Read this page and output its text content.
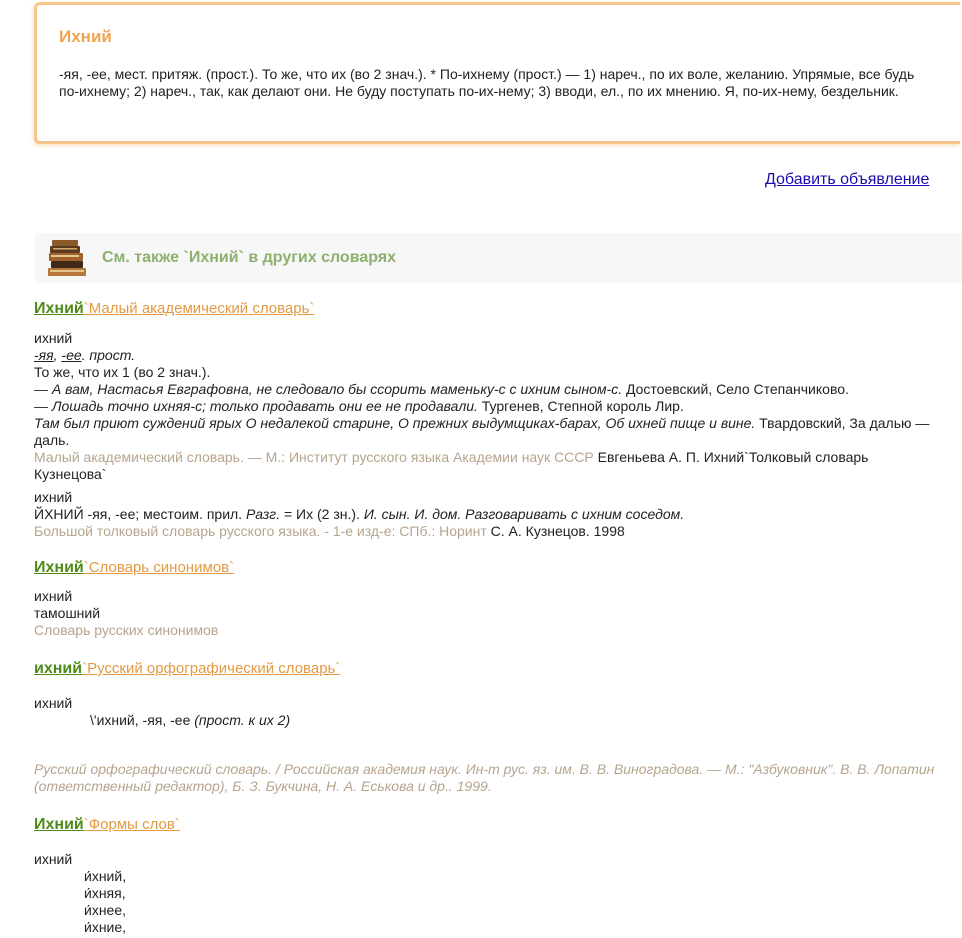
Ихний
-яя, -ее, мест. притяж. (прост.). То же, что их (во 2 знач.). * По-ихнему (прост.) — 1) нареч., по их воле, желанию. Упрямые, все будь по-ихнему; 2) нареч., так, как делают они. Не буду поступать по-их-нему; 3) вводи, ел., по их мнению. Я, по-их-нему, бездельник.
Добавить объявление
См. также `Ихний` в других словарях
Ихний`Малый академический словарь`
ихний
-яя, -ее. прост.
То же, что их 1 (во 2 знач.).
— А вам, Настасья Евграфовна, не следовало бы ссорить маменьку-с с ихним сыном-с. Достоевский, Село Степанчиково.
— Лошадь точно ихняя-с; только продавать они ее не продавали. Тургенев, Степной король Лир.
Там был приют суждений ярых О недалекой старине, О прежних выдумщиках-барах, Об ихней пище и вине. Твардовский, За далью — даль.
Малый академический словарь. — М.: Институт русского языка Академии наук СССР Евгеньева А. П. Ихний`Толковый словарь Кузнецова`
ихний
ЙХНИЙ -яя, -ее; местоим. прил. Разг. = Их (2 зн.). И. сын. И. дом. Разговаривать с ихним соседом.
Большой толковый словарь русского языка. - 1-е изд-е: СПб.: Норинт С. А. Кузнецов. 1998
Ихний`Словарь синонимов`
ихний
тамошний
Словарь русских синонимов
ихний`Русский орфографический словарь`
ихний
\'ихний, -яя, -ее (прост. к их 2)
Русский орфографический словарь. / Российская академия наук. Ин-т рус. яз. им. В. В. Виноградова. — М.: "Азбуковник". В. В. Лопатин (ответственный редактор), Б. З. Букчина, Н. А. Еськова и др.. 1999.
Ихний`Формы слов`
ихний
и́хний,
и́хняя,
и́хнее,
и́хние,
